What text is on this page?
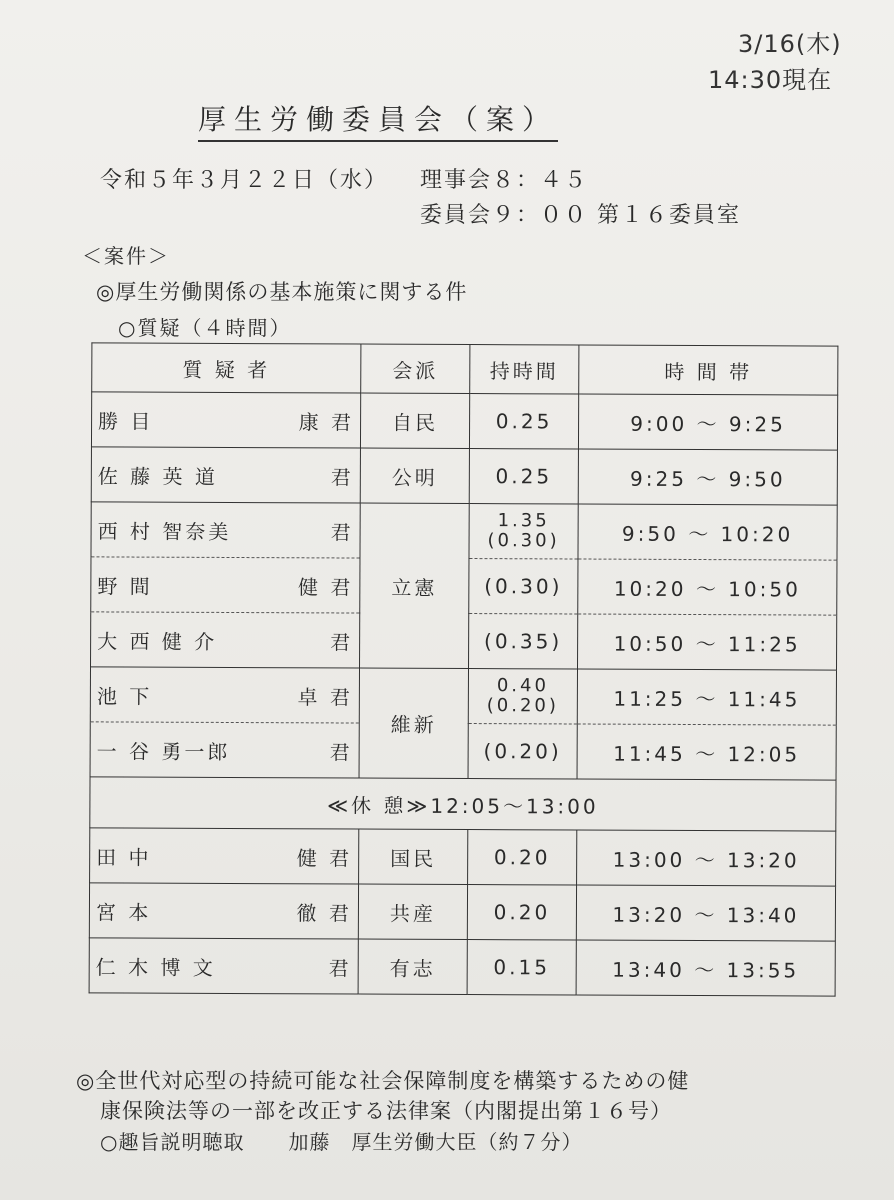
3/16(木)
14:30現在
厚生労働委員会（案）
令和５年３月２２日（水） 理事会８：４５
委員会９：００ 第１６委員室
＜案件＞
◎厚生労働関係の基本施策に関する件
○質疑（４時間）
質 疑 者	会派	持時間	時 間 帯

勝 目 康 君	自民	0.25	9:00 ～ 9:25

佐 藤 英 道 君	公明	0.25	9:25 ～ 9:50

西 村 智奈美 君	立憲	1.35
(0.30)	9:50 ～ 10:20

野 間 健 君		(0.30)	10:20 ～ 10:50

大 西 健 介 君		(0.35)	10:50 ～ 11:25

池 下 卓 君	維新	0.40
(0.20)	11:25 ～ 11:45

一 谷 勇一郎 君		(0.20)	11:45 ～ 12:05
≪休 憩≫12:05～13:00			

田 中 健 君	国民	0.20	13:00 ～ 13:20

宮 本 徹 君	共産	0.20	13:20 ～ 13:40

仁 木 博 文 君	有志	0.15	13:40 ～ 13:55
◎全世代対応型の持続可能な社会保障制度を構築するための健
康保険法等の一部を改正する法律案（内閣提出第１６号）
○趣旨説明聴取 加藤　厚生労働大臣（約７分）
